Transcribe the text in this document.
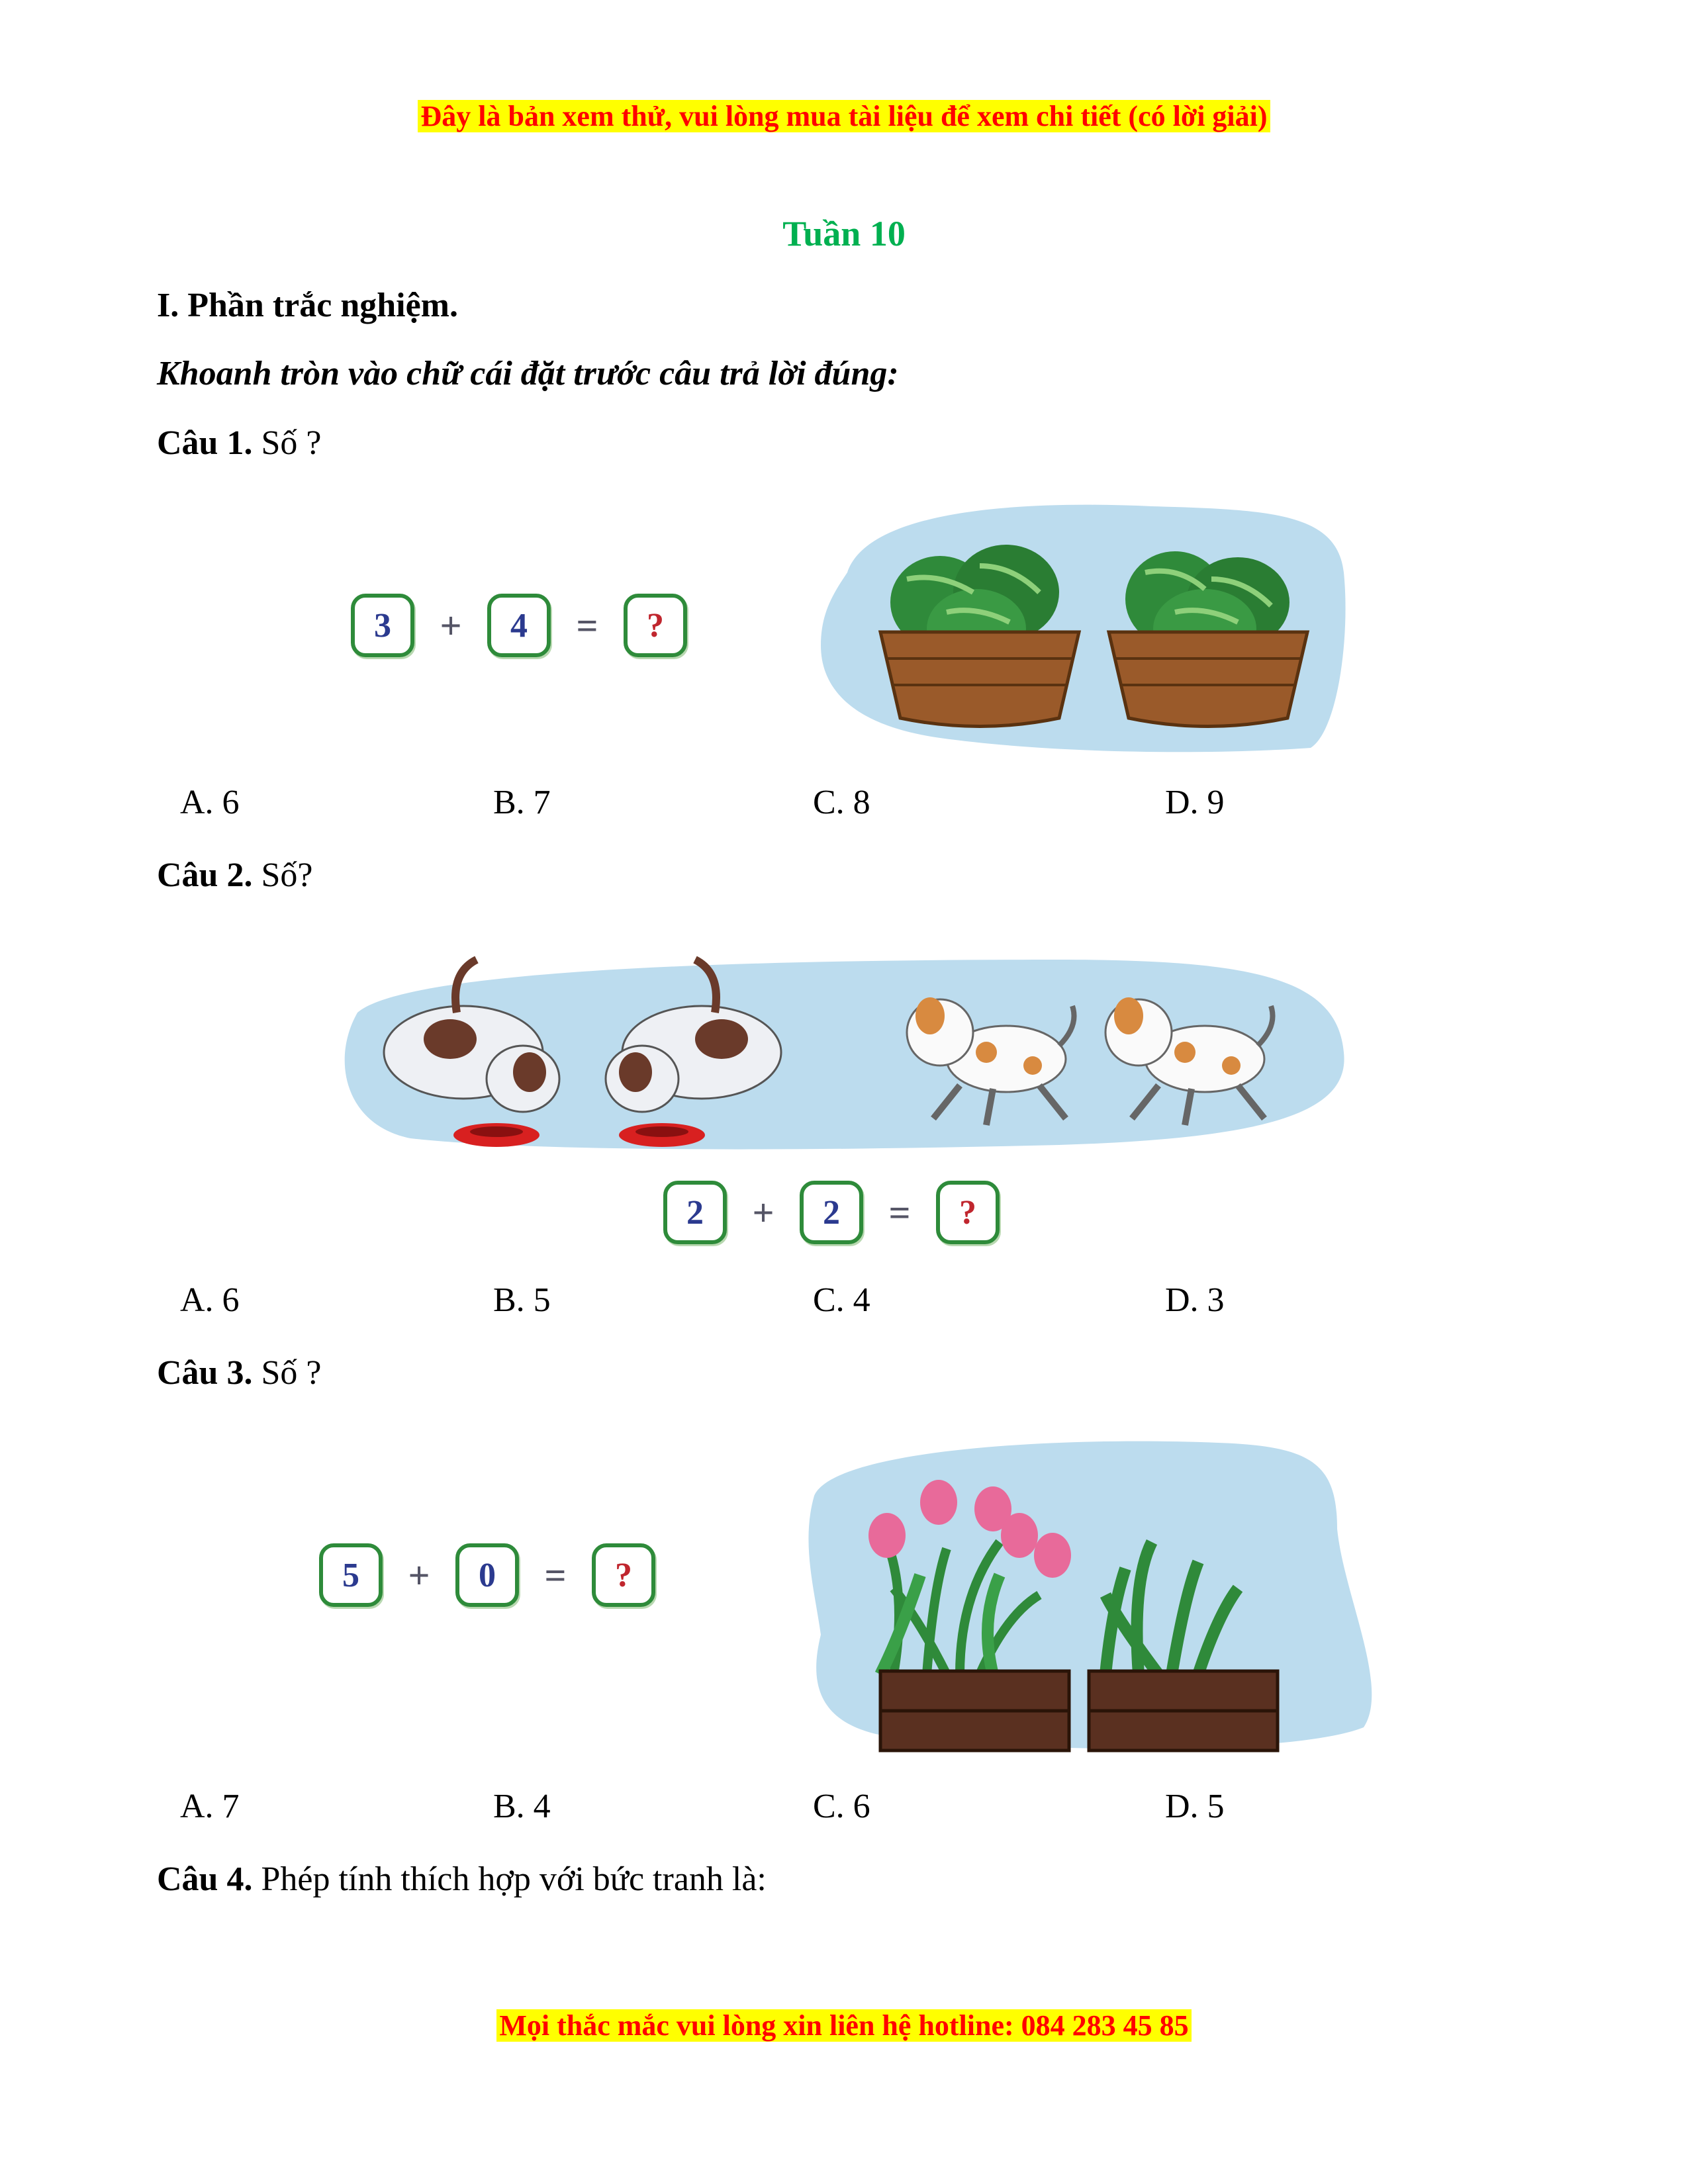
Đây là bản xem thử, vui lòng mua tài liệu để xem chi tiết (có lời giải)
Tuần 10
I. Phần trắc nghiệm.
Khoanh tròn vào chữ cái đặt trước câu trả lời đúng:
Câu 1. Số ?
3	+	4	=	?
A. 6	B. 7	C. 8	D. 9
Câu 2. Số?
2	+	2	=	?
A. 6	B. 5	C. 4	D. 3
Câu 3. Số ?
5	+	0	=	?
A. 7	B. 4	C. 6	D. 5
Câu 4. Phép tính thích hợp với bức tranh là:
Mọi thắc mắc vui lòng xin liên hệ hotline: 084 283 45 85
